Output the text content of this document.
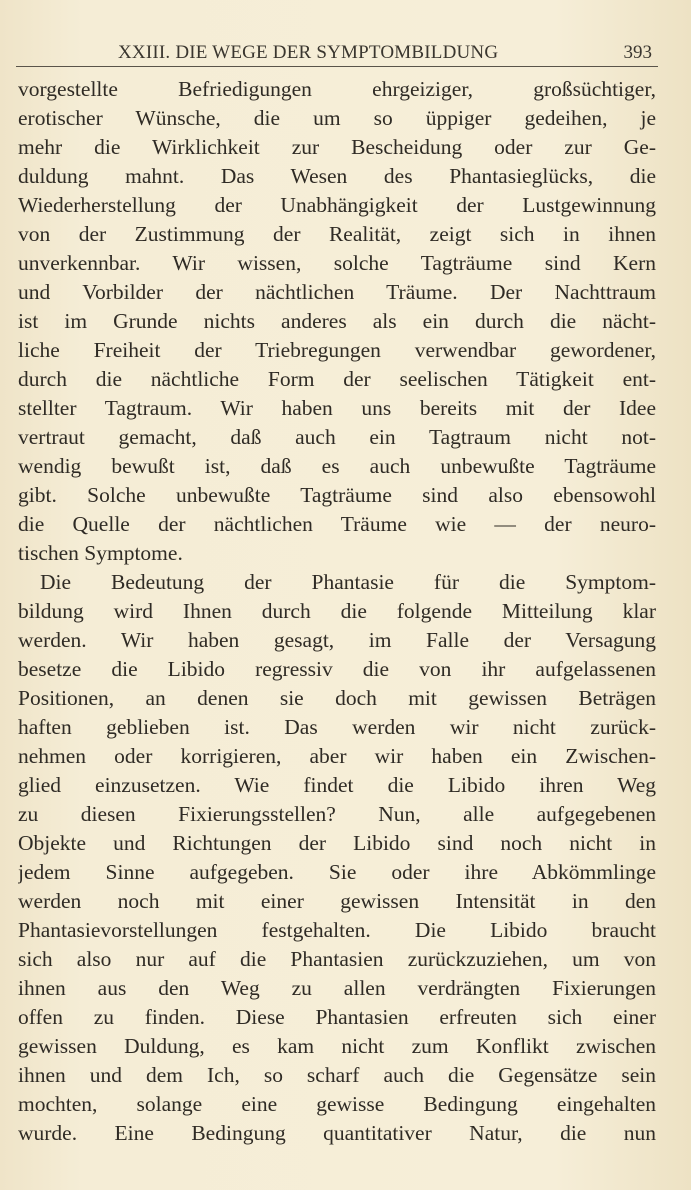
XXIII. DIE WEGE DER SYMPTOMBILDUNG	393
vorgestellte Befriedigungen ehrgeiziger, großsüchtiger,
erotischer Wünsche, die um so üppiger gedeihen, je
mehr die Wirklichkeit zur Bescheidung oder zur Ge-
duldung mahnt. Das Wesen des Phantasieglücks, die
Wiederherstellung der Unabhängigkeit der Lustgewinnung
von der Zustimmung der Realität, zeigt sich in ihnen
unverkennbar. Wir wissen, solche Tagträume sind Kern
und Vorbilder der nächtlichen Träume. Der Nachttraum
ist im Grunde nichts anderes als ein durch die nächt-
liche Freiheit der Triebregungen verwendbar gewordener,
durch die nächtliche Form der seelischen Tätigkeit ent-
stellter Tagtraum. Wir haben uns bereits mit der Idee
vertraut gemacht, daß auch ein Tagtraum nicht not-
wendig bewußt ist, daß es auch unbewußte Tagträume
gibt. Solche unbewußte Tagträume sind also ebensowohl
die Quelle der nächtlichen Träume wie — der neuro-
tischen Symptome.
Die Bedeutung der Phantasie für die Symptom-
bildung wird Ihnen durch die folgende Mitteilung klar
werden. Wir haben gesagt, im Falle der Versagung
besetze die Libido regressiv die von ihr aufgelassenen
Positionen, an denen sie doch mit gewissen Beträgen
haften geblieben ist. Das werden wir nicht zurück-
nehmen oder korrigieren, aber wir haben ein Zwischen-
glied einzusetzen. Wie findet die Libido ihren Weg
zu diesen Fixierungsstellen? Nun, alle aufgegebenen
Objekte und Richtungen der Libido sind noch nicht in
jedem Sinne aufgegeben. Sie oder ihre Abkömmlinge
werden noch mit einer gewissen Intensität in den
Phantasievorstellungen festgehalten. Die Libido braucht
sich also nur auf die Phantasien zurückzuziehen, um von
ihnen aus den Weg zu allen verdrängten Fixierungen
offen zu finden. Diese Phantasien erfreuten sich einer
gewissen Duldung, es kam nicht zum Konflikt zwischen
ihnen und dem Ich, so scharf auch die Gegensätze sein
mochten, solange eine gewisse Bedingung eingehalten
wurde. Eine Bedingung quantitativer Natur, die nun
